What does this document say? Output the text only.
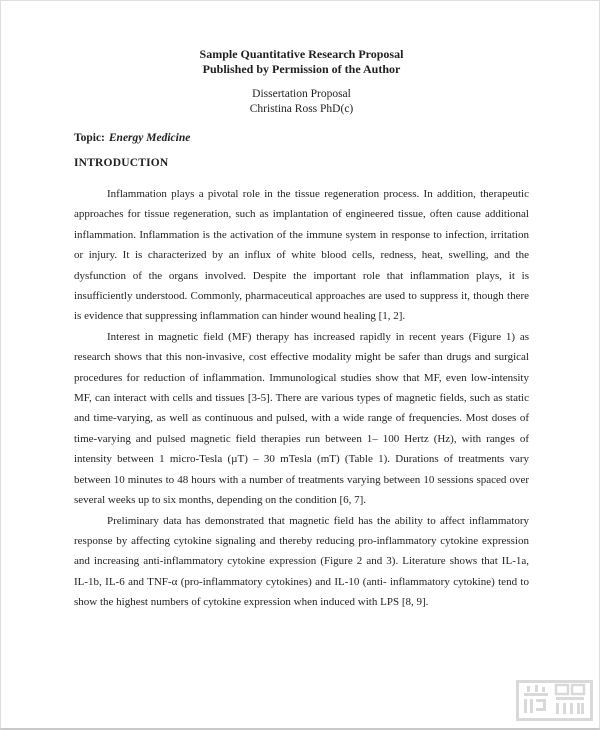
Sample Quantitative Research Proposal
Published by Permission of the Author
Dissertation Proposal
Christina Ross PhD(c)
Topic: Energy Medicine
INTRODUCTION

Inflammation plays a pivotal role in the tissue regeneration process. In addition, therapeutic approaches for tissue regeneration, such as implantation of engineered tissue, often cause additional inflammation. Inflammation is the activation of the immune system in response to infection, irritation or injury. It is characterized by an influx of white blood cells, redness, heat, swelling, and the dysfunction of the organs involved. Despite the important role that inflammation plays, it is insufficiently understood. Commonly, pharmaceutical approaches are used to suppress it, though there is evidence that suppressing inflammation can hinder wound healing [1, 2].

Interest in magnetic field (MF) therapy has increased rapidly in recent years (Figure 1) as research shows that this non-invasive, cost effective modality might be safer than drugs and surgical procedures for reduction of inflammation. Immunological studies show that MF, even low-intensity MF, can interact with cells and tissues [3-5]. There are various types of magnetic fields, such as static and time-varying, as well as continuous and pulsed, with a wide range of frequencies. Most doses of time-varying and pulsed magnetic field therapies run between 1– 100 Hertz (Hz), with ranges of intensity between 1 micro-Tesla (µT) – 30 mTesla (mT) (Table 1). Durations of treatments vary between 10 minutes to 48 hours with a number of treatments varying between 10 sessions spaced over several weeks up to six months, depending on the condition [6, 7].

Preliminary data has demonstrated that magnetic field has the ability to affect inflammatory response by affecting cytokine signaling and thereby reducing pro-inflammatory cytokine expression and increasing anti-inflammatory cytokine expression (Figure 2 and 3). Literature shows that IL-1a, IL-1b, IL-6 and TNF-α (pro-inflammatory cytokines) and IL-10 (anti- inflammatory cytokine) tend to show the highest numbers of cytokine expression when induced with LPS [8, 9].
